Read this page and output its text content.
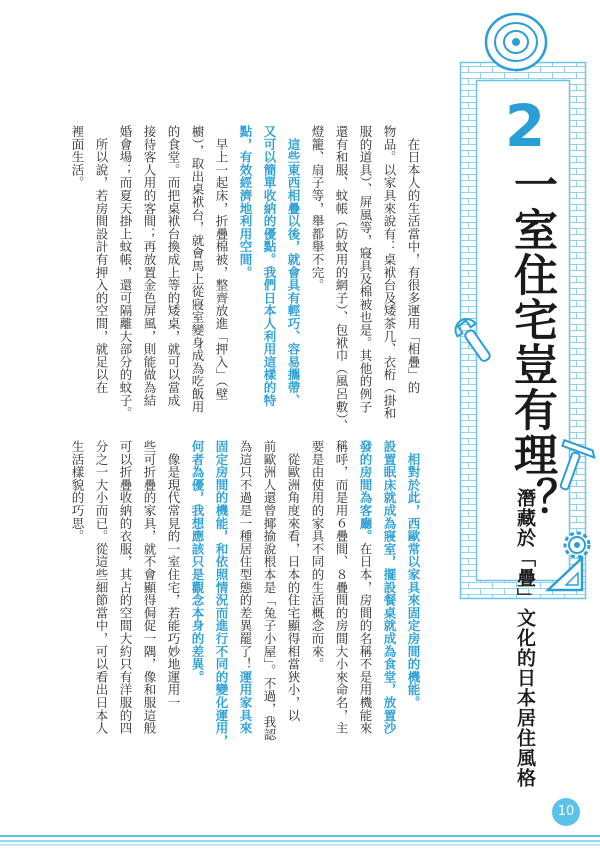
2
一室住宅豈有理？
潛藏於「疊」文化的日本居住風格

　在日本人的生活當中，有很多運用「相疊」的

物品。以家具來說有：桌袱台及矮茶几、衣桁（掛和

服的道具）、屏風等，寢具及棉被也是。其他的例子

還有和服、蚊帳（防蚊用的網子）、包袱巾（風呂敷）、

燈籠、扇子等，舉都舉不完。

　這些東西相疊以後，就會具有輕巧、容易攜帶、

又可以簡單收納的優點。我們日本人利用這樣的特

點，有效經濟地利用空間。

　早上一起床，折疊棉被，整齊放進「押入」（壁

櫥），取出桌袱台，就會馬上從寢室變身成為吃飯用

的食堂。而把桌袱台換成上等的矮桌，就可以當成

接待客人用的客間；再放置金色屏風，則能做為結

婚會場；而夏天掛上蚊帳，還可隔離大部分的蚊子。

　所以說，若房間設計有押入的空間，就足以在

裡面生活。

　相對於此，西歐常以家具來固定房間的機能。

設置眠床就成為寢室，擺設餐桌就成為食堂，放置沙

發的房間為客廳。在日本，房間的名稱不是用機能來

稱呼，而是用６疊間、８疊間的房間大小來命名，主

要是由使用的家具不同的生活概念而來。

　從歐洲角度來看，日本的住宅顯得相當狹小，以

前歐洲人還曾揶揄說根本是「兔子小屋」。不過，我認

為這只不過是一種居住型態的差異罷了！運用家具來

固定房間的機能，和依照情況而進行不同的變化運用，

何者為優，我想應該只是觀念本身的差異。

　像是現代常見的一室住宅，若能巧妙地運用一

些可折疊的家具，就不會顯得侷促一隅，像和服這般

可以折疊收納的衣服，其占的空間大約只有洋服的四

分之一大小而已。從這些細節當中，可以看出日本人

生活樣貌的巧思。

10
